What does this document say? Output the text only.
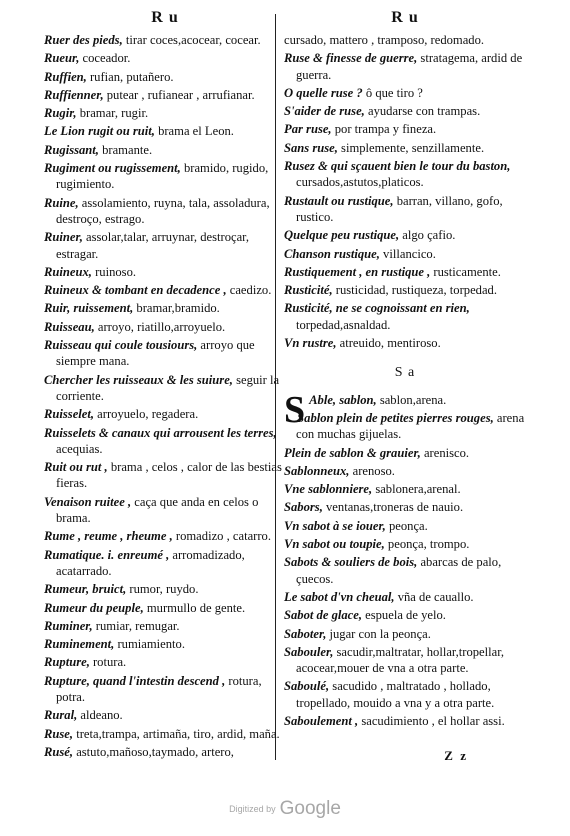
R u
Ruer des pieds, tirar coces,acocear, cocear.
Rueur, coceador.
Ruffien, rufian, putañero.
Ruffienner, putear , rufianear , arrufianar.
Rugir, bramar, rugir.
Le Lion rugit ou ruit, brama el Leon.
Rugissant, bramante.
Rugiment ou rugissement, bramido, rugido, rugimiento.
Ruine, assolamiento, ruyna, tala, assoladura, destroço, estrago.
Ruiner, assolar,talar, arruynar, destroçar, estragar.
Ruineux, ruinoso.
Ruineux & tombant en decadence , caedizo.
Ruir, ruissement, bramar,bramido.
Ruisseau, arroyo, riatillo,arroyuelo.
Ruisseau qui coule tousiours, arroyo que siempre mana.
Chercher les ruisseaux & les suiure, seguir la corriente.
Ruisselet, arroyuelo, regadera.
Ruisselets & canaux qui arrousent les terres, acequias.
Ruit ou rut , brama , celos , calor de las bestias fieras.
Venaison ruitee , caça que anda en celos o brama.
Rume , reume , rheume , romadizo , catarro.
Rumatique. i. enreumé , arromadizado, acatarrado.
Rumeur, bruict, rumor, ruydo.
Rumeur du peuple, murmullo de gente.
Ruminer, rumiar, remugar.
Ruminement, rumiamiento.
Rupture, rotura.
Rupture, quand l'intestin descend , rotura, potra.
Rural, aldeano.
Ruse, treta,trampa, artimaña, tiro, ardid, maña.
Rusé, astuto,mañoso,taymado, artero,
R u
cursado, mattero , tramposo, redomado.
Ruse & finesse de guerre, stratagema, ardid de guerra.
O quelle ruse ? ô que tiro ?
S'aider de ruse, ayudarse con trampas.
Par ruse, por trampa y fineza.
Sans ruse, simplemente, senzillamente.
Rusez & qui sçauent bien le tour du baston, cursados,astutos,platicos.
Rustault ou rustique, barran, villano, gofo, rustico.
Quelque peu rustique, algo çafio.
Chanson rustique, villancico.
Rustiquement , en rustique , rusticamente.
Rusticité, rusticidad, rustiqueza, torpedad.
Rusticité, ne se cognoissant en rien, torpedad,asnaldad.
Vn rustre, atreuido, mentiroso.
S a
S Able, sablon, sablon,arena.
Sablon plein de petites pierres rouges, arena con muchas gijuelas.
Plein de sablon & grauier, arenisco.
Sablonneux, arenoso.
Vne sablonniere, sablonera,arenal.
Sabors, ventanas,troneras de nauio.
Vn sabot à se iouer, peonça.
Vn sabot ou toupie, peonça, trompo.
Sabots & souliers de bois, abarcas de palo, çuecos.
Le sabot d'vn cheual, vña de cauallo.
Sabot de glace, espuela de yelo.
Saboter, jugar con la peonça.
Sabouler, sacudir,maltratar, hollar,tropellar, acocear,mouer de vna a otra parte.
Saboulé, sacudido , maltratado , hollado, tropellado, mouido a vna y a otra parte.
Saboulement , sacudimiento , el hollar assi.
Z z
Digitized by Google
